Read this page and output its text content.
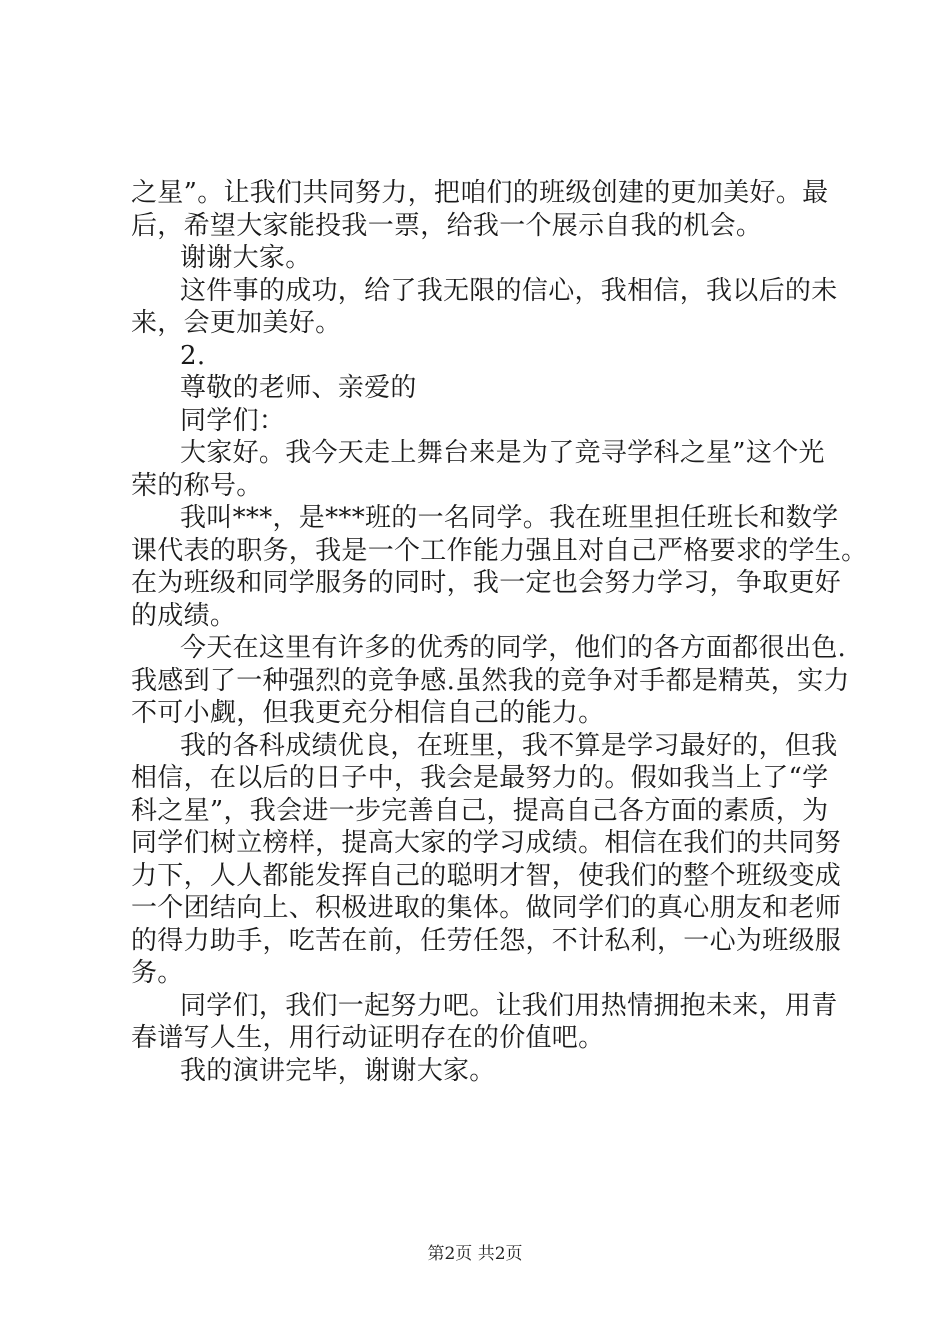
之星”。让我们共同努力，把咱们的班级创建的更加美好。最
后，希望大家能投我一票，给我一个展示自我的机会。
谢谢大家。
这件事的成功，给了我无限的信心，我相信，我以后的未
来，会更加美好。
2.
尊敬的老师、亲爱的
同学们：
大家好。我今天走上舞台来是为了竞寻学科之星”这个光
荣的称号。
我叫***，是***班的一名同学。我在班里担任班长和数学
课代表的职务，我是一个工作能力强且对自己严格要求的学生。
在为班级和同学服务的同时，我一定也会努力学习，争取更好
的成绩。
今天在这里有许多的优秀的同学，他们的各方面都很出色.
我感到了一种强烈的竞争感.虽然我的竞争对手都是精英，实力
不可小觑，但我更充分相信自己的能力。
我的各科成绩优良，在班里，我不算是学习最好的，但我
相信，在以后的日子中，我会是最努力的。假如我当上了“学
科之星”，我会进一步完善自己，提高自己各方面的素质，为
同学们树立榜样，提高大家的学习成绩。相信在我们的共同努
力下，人人都能发挥自己的聪明才智，使我们的整个班级变成
一个团结向上、积极进取的集体。做同学们的真心朋友和老师
的得力助手，吃苦在前，任劳任怨，不计私利，一心为班级服
务。
同学们，我们一起努力吧。让我们用热情拥抱未来，用青
春谱写人生，用行动证明存在的价值吧。
我的演讲完毕，谢谢大家。
第2页 共2页
